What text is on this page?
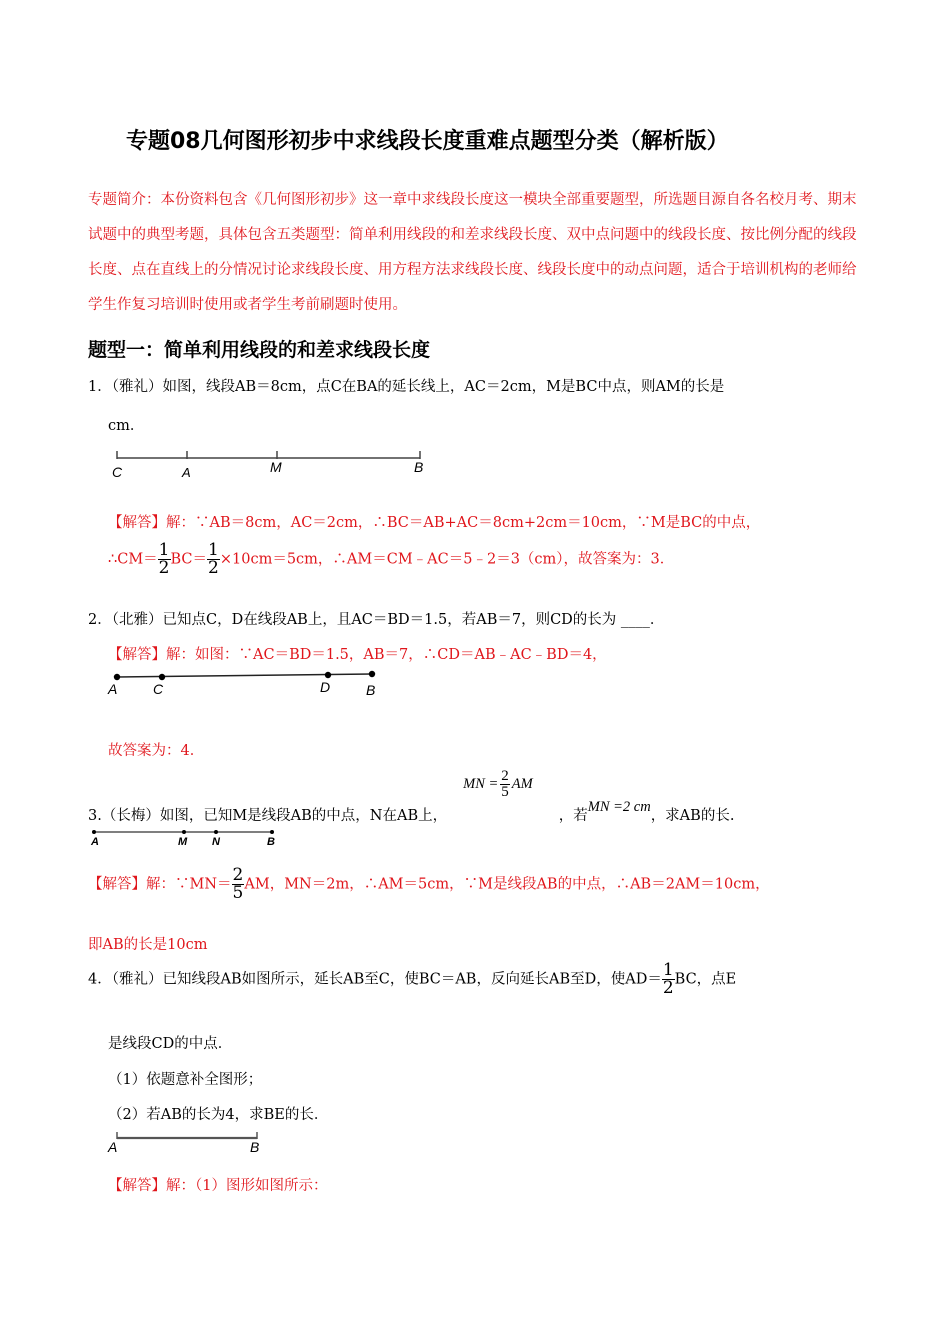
专题08几何图形初步中求线段长度重难点题型分类（解析版）
专题简介：本份资料包含《几何图形初步》这一章中求线段长度这一模块全部重要题型，所选题目源自各名校月考、期末试题中的典型考题，具体包含五类题型：简单利用线段的和差求线段长度、双中点问题中的线段长度、按比例分配的线段长度、点在直线上的分情况讨论求线段长度、用方程方法求线段长度、线段长度中的动点问题，适合于培训机构的老师给学生作复习培训时使用或者学生考前刷题时使用。
题型一：简单利用线段的和差求线段长度
1．（雅礼）如图，线段AB＝8cm，点C在BA的延长线上，AC＝2cm，M是BC中点，则AM的长是
cm．
C	A	M	B
【解答】解：∵AB＝8cm，AC＝2cm，∴BC＝AB+AC＝8cm+2cm＝10cm，∵M是BC的中点，
∴CM＝ $\frac{1}{2} BC= \frac{1}{2} \times 10cm=5cm$，∴AM＝CM﹣AC＝5﹣2＝3（cm），故答案为：3．
2．（北雅）已知点C，D在线段AB上，且AC＝BD＝1.5，若AB＝7，则CD的长为 ____．
【解答】解：如图：∵AC＝BD＝1.5，AB＝7，∴CD＝AB﹣AC﹣BD＝4，
A	C	D	B
故答案为：4．
3.（长梅）如图，已知M是线段AB的中点，N在AB上，MN = $\frac{2}{5}$ AM，若MN =2 cm，求AB的长.
A	M N	B
【解答】解：∵MN＝ $\frac{2}{5}$ AM，MN＝2m，∴AM＝5cm，∵M是线段AB的中点，∴AB＝2AM＝10cm，
即AB的长是10cm
4．（雅礼）已知线段AB如图所示，延长AB至C，使BC＝AB，反向延长AB至D，使$AD= \frac{1}{2}$ BC，点E
是线段CD的中点．
（1）依题意补全图形；
（2）若AB的长为4，求BE的长．
A	B
【解答】解：（1）图形如图所示：
